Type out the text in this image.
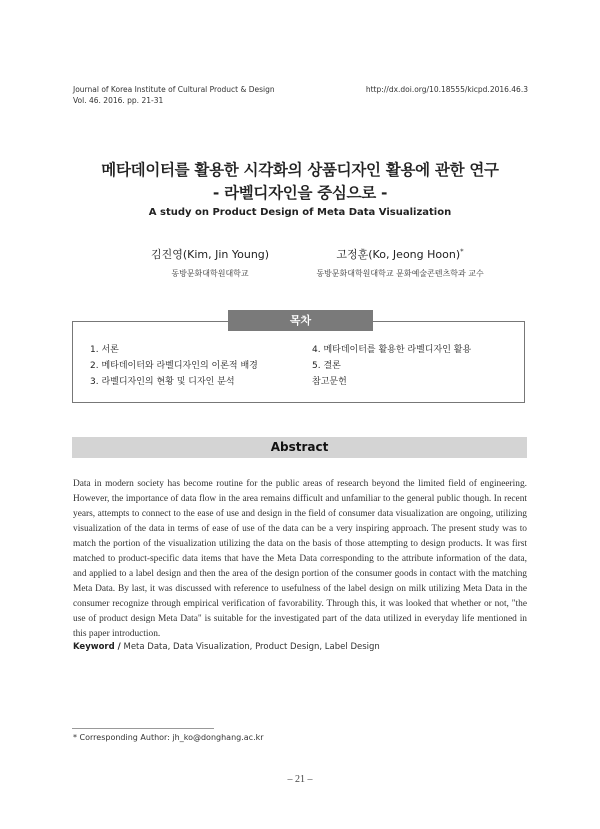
Journal of Korea Institute of Cultural Product & Design
Vol. 46. 2016. pp. 21-31
http://dx.doi.org/10.18555/kicpd.2016.46.3
메타데이터를 활용한 시각화의 상품디자인 활용에 관한 연구
- 라벨디자인을 중심으로 -
A study on Product Design of Meta Data Visualization
김진영(Kim, Jin Young)
동방문화대학원대학교
고정훈(Ko, Jeong Hoon)*
동방문화대학원대학교 문화예술콘텐츠학과 교수
목차
1. 서론
2. 메타데이터와 라벨디자인의 이론적 배경
3. 라벨디자인의 현황 및 디자인 분석
4. 메타데이터를 활용한 라벨디자인 활용
5. 결론
참고문헌
Abstract
Data in modern society has become routine for the public areas of research beyond the limited field of engineering. However, the importance of data flow in the area remains difficult and unfamiliar to the general public though. In recent years, attempts to connect to the ease of use and design in the field of consumer data visualization are ongoing, utilizing visualization of the data in terms of ease of use of the data can be a very inspiring approach. The present study was to match the portion of the visualization utilizing the data on the basis of those attempting to design products. It was first matched to product-specific data items that have the Meta Data corresponding to the attribute information of the data, and applied to a label design and then the area of the design portion of the consumer goods in contact with the matching Meta Data. By last, it was discussed with reference to usefulness of the label design on milk utilizing Meta Data in the consumer recognize through empirical verification of favorability. Through this, it was looked that whether or not, "the use of product design Meta Data" is suitable for the investigated part of the data utilized in everyday life mentioned in this paper introduction.
Keyword / Meta Data, Data Visualization, Product Design, Label Design
* Corresponding Author: jh_ko@donghang.ac.kr
– 21 –
